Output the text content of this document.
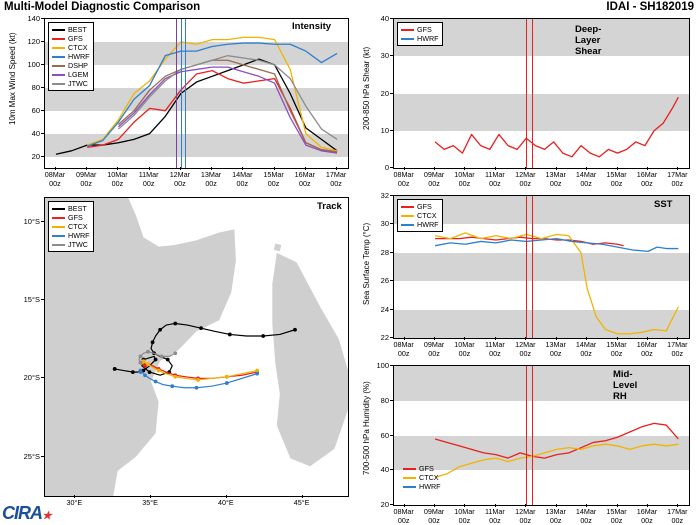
Multi-Model Diagnostic Comparison	IDAI - SH182019
10m Max Wind Speed (kt)
Intensity
BEST
GFS
CTCX
HWRF
DSHP
LGEM
JTWC
20
40
60
80
100
120
140
08Mar
00z
09Mar
00z
10Mar
00z
11Mar
00z
12Mar
00z
13Mar
00z
14Mar
00z
15Mar
00z
16Mar
00z
17Mar
00z
200-850 hPa Shear (kt)
Deep-Layer Shear
GFS
HWRF
0
10
20
30
40
08Mar
00z
09Mar
00z
10Mar
00z
11Mar
00z
12Mar
00z
13Mar
00z
14Mar
00z
15Mar
00z
16Mar
00z
17Mar
00z
Sea Surface Temp (°C)
SST
GFS
CTCX
HWRF
22
24
26
28
30
32
08Mar
00z
09Mar
00z
10Mar
00z
11Mar
00z
12Mar
00z
13Mar
00z
14Mar
00z
15Mar
00z
16Mar
00z
17Mar
00z
700-500 hPa Humidity (%)
Mid-Level RH
GFS
CTCX
HWRF
20
40
60
80
100
08Mar
00z
09Mar
00z
10Mar
00z
11Mar
00z
12Mar
00z
13Mar
00z
14Mar
00z
15Mar
00z
16Mar
00z
17Mar
00z
Track
BEST
GFS
CTCX
HWRF
JTWC
10°S
15°S
20°S
25°S
30°E	35°E	40°E	45°E
CIRA★
